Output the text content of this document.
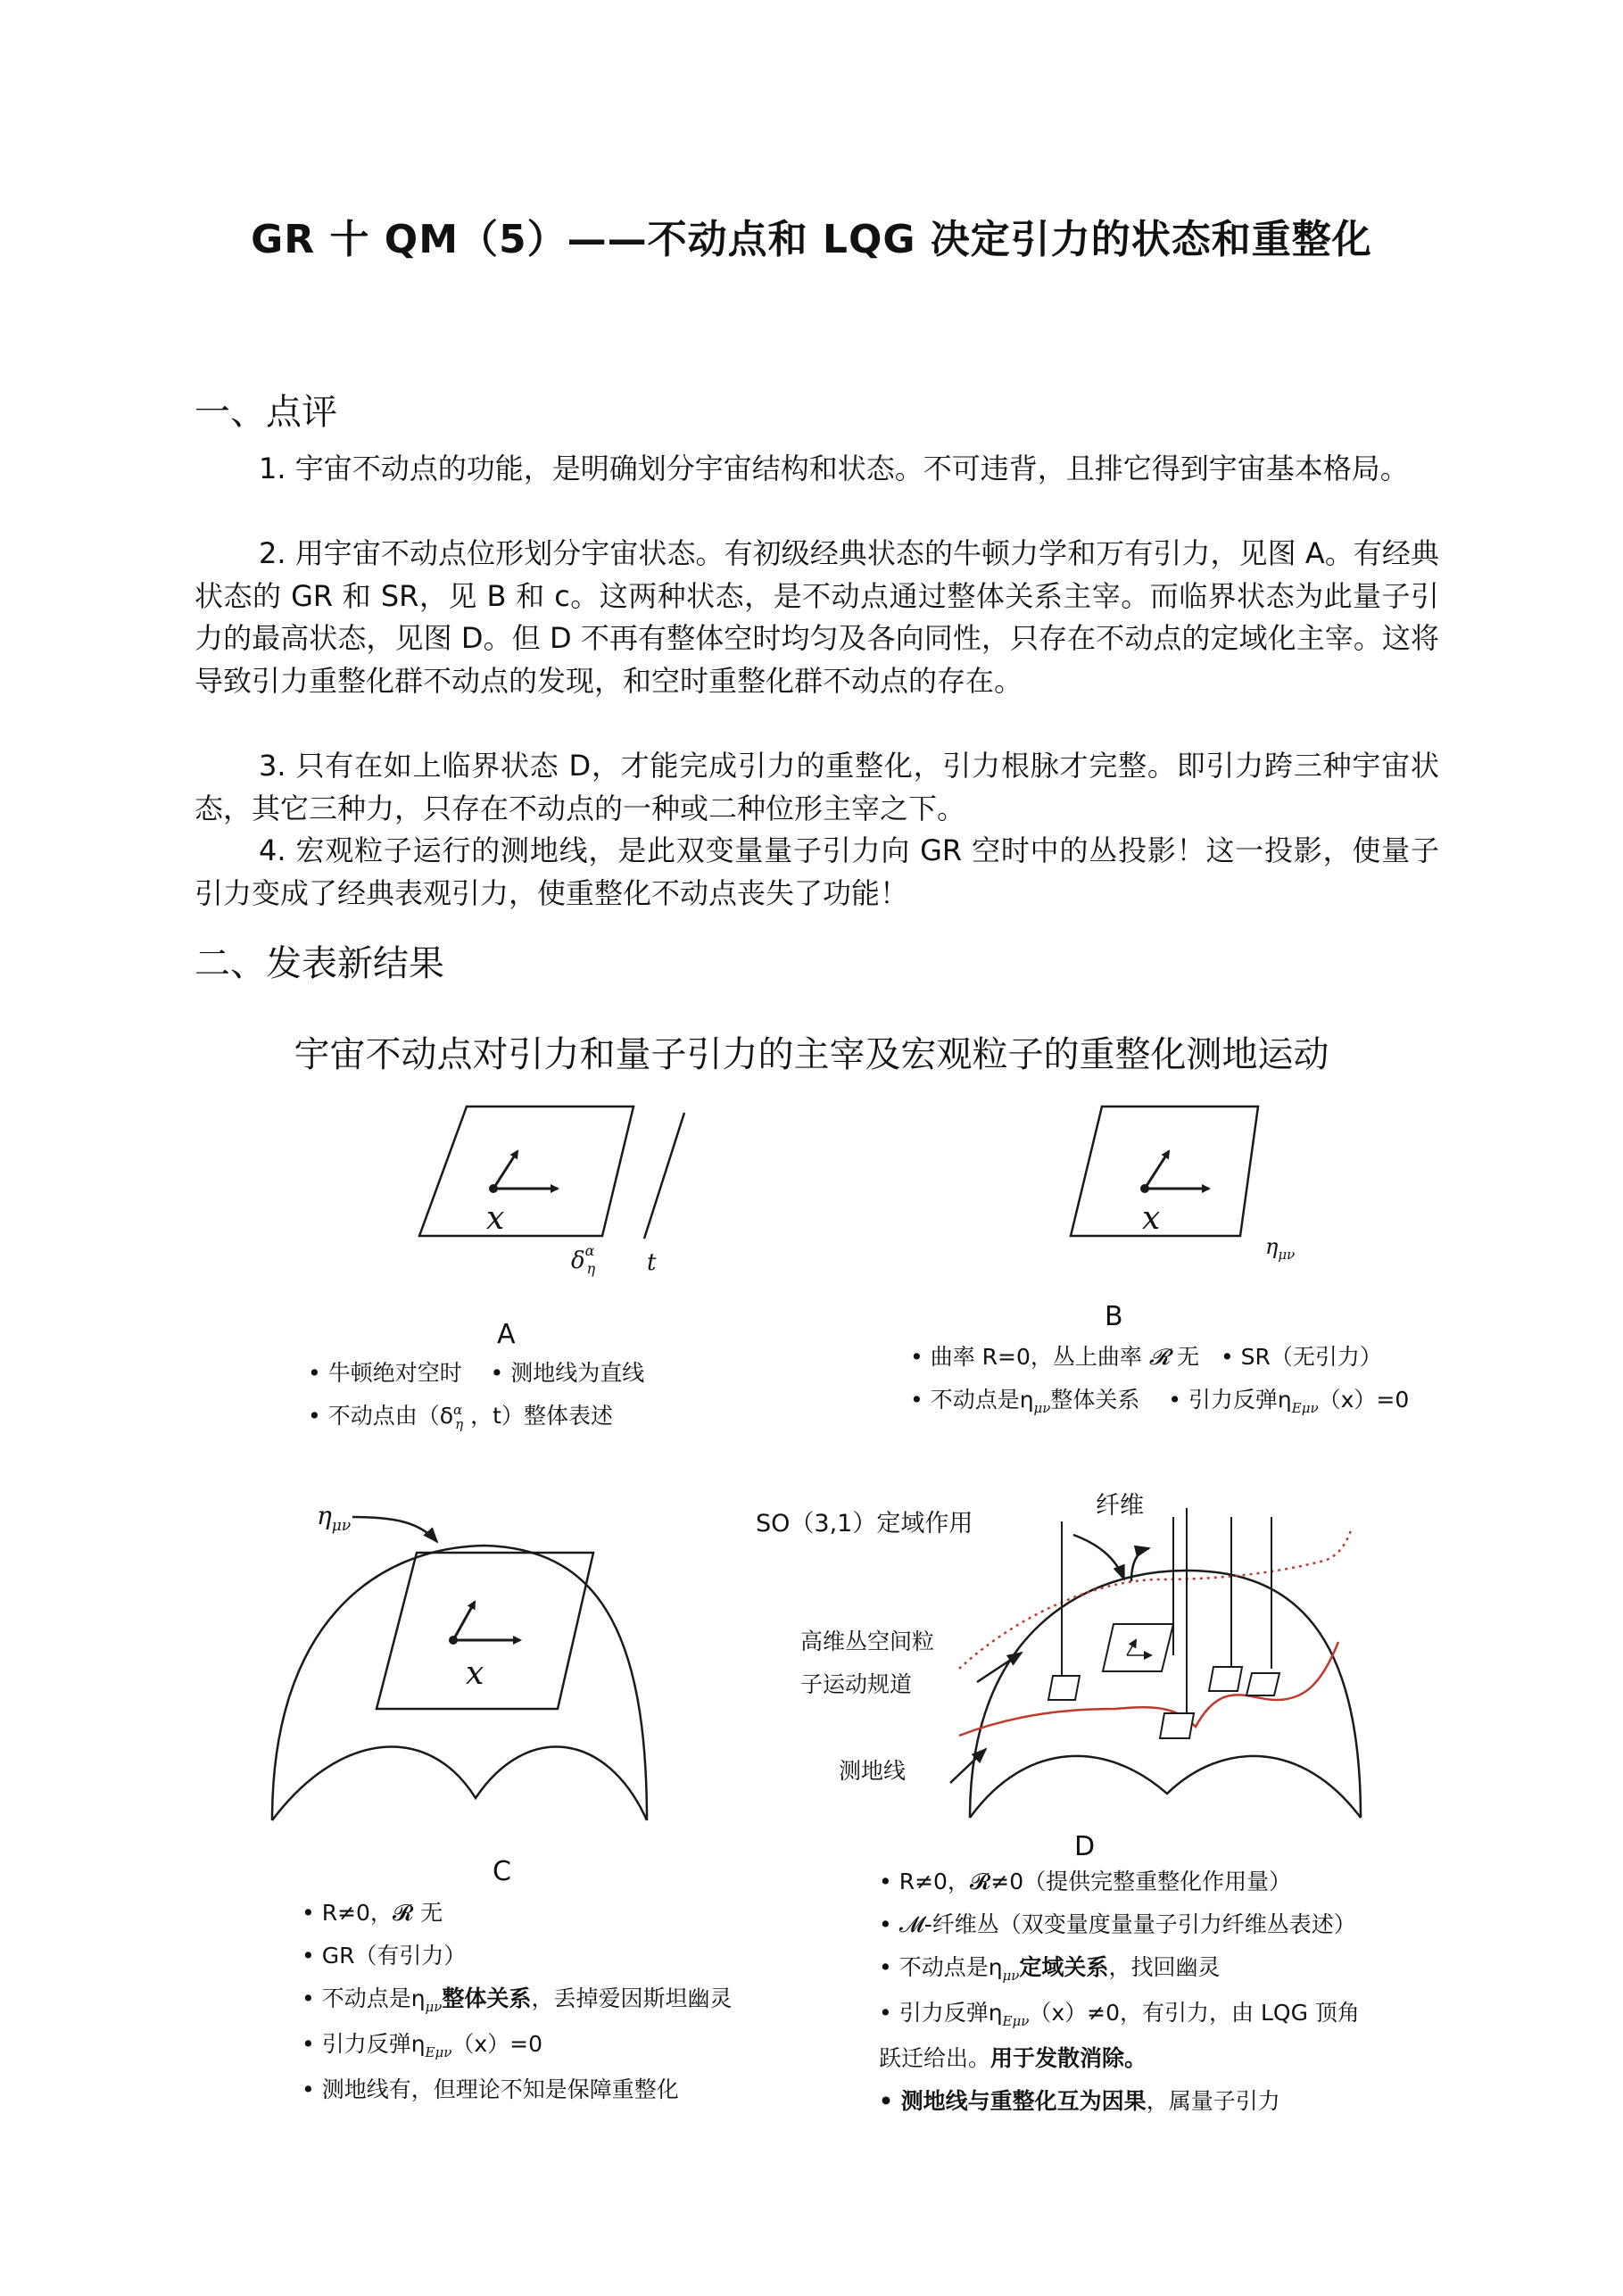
GR 十 QM（5）——不动点和 LQG 决定引力的状态和重整化
一、点评

1. 宇宙不动点的功能，是明确划分宇宙结构和状态。不可违背，且排它得到宇宙基本格局。

2. 用宇宙不动点位形划分宇宙状态。有初级经典状态的牛顿力学和万有引力，见图 A。有经典状态的 GR 和 SR，见 B 和 c。这两种状态，是不动点通过整体关系主宰。而临界状态为此量子引力的最高状态，见图 D。但 D 不再有整体空时均匀及各向同性，只存在不动点的定域化主宰。这将导致引力重整化群不动点的发现，和空时重整化群不动点的存在。

3. 只有在如上临界状态 D，才能完成引力的重整化，引力根脉才完整。即引力跨三种宇宙状态，其它三种力，只存在不动点的一种或二种位形主宰之下。

4. 宏观粒子运行的测地线，是此双变量量子引力向 GR 空时中的丛投影！这一投影，使量子引力变成了经典表观引力，使重整化不动点丧失了功能！

二、发表新结果
宇宙不动点对引力和量子引力的主宰及宏观粒子的重整化测地运动
x	x
x
t
$\delta^\alpha_\eta$
$\eta_{\mu\nu}$
$\eta_{\mu\nu}$
A
B
C
D
SO（3,1）定域作用
纤维
高维丛空间粒
子运动规道
测地线
• 牛顿绝对空时 • 测地线为直线
• 不动点由（$\delta^\alpha_\eta$ ，t）整体表述
• 曲率 R=0，丛上曲率 𝓡 无 • SR（无引力）
• 不动点是$\eta_{\mu\nu}$整体关系 • 引力反弹$\eta_{E\mu\nu}(x)=0$
• R≠0，𝓡 无
• GR（有引力）
• 不动点是$\eta_{\mu\nu}$整体关系，丢掉爱因斯坦幽灵
• 引力反弹$\eta_{E\mu\nu}(x)=0$
• 测地线有，但理论不知是保障重整化
• R≠0，𝓡≠0（提供完整重整化作用量）
• 𝓜-纤维丛（双变量度量量子引力纤维丛表述）
• 不动点是$\eta_{\mu\nu}$定域关系，找回幽灵
• 引力反弹$\eta_{E\mu\nu}(x)\ne 0$，有引力，由 LQG 顶角
跃迁给出。用于发散消除。
• 测地线与重整化互为因果，属量子引力
